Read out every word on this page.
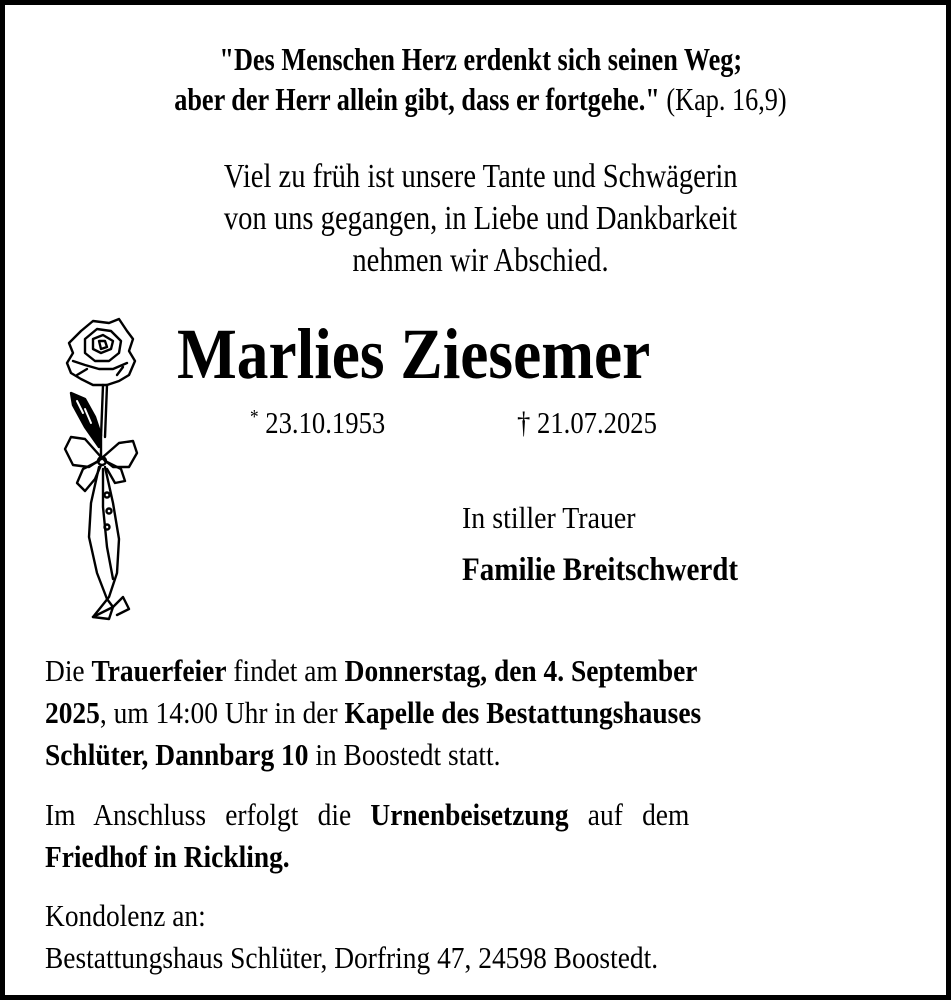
"Des Menschen Herz erdenkt sich seinen Weg;
aber der Herr allein gibt, dass er fortgehe." (Kap. 16,9)
Viel zu früh ist unsere Tante und Schwägerin
von uns gegangen, in Liebe und Dankbarkeit
nehmen wir Abschied.
Marlies Ziesemer
* 23.10.1953	† 21.07.2025
In stiller Trauer
Familie Breitschwerdt
Die Trauerfeier findet am Donnerstag, den 4. September
2025, um 14:00 Uhr in der Kapelle des Bestattungshauses
Schlüter, Dannbarg 10 in Boostedt statt.
Im Anschluss erfolgt die Urnenbeisetzung auf dem
Friedhof in Rickling.
Kondolenz an:
Bestattungshaus Schlüter, Dorfring 47, 24598 Boostedt.
